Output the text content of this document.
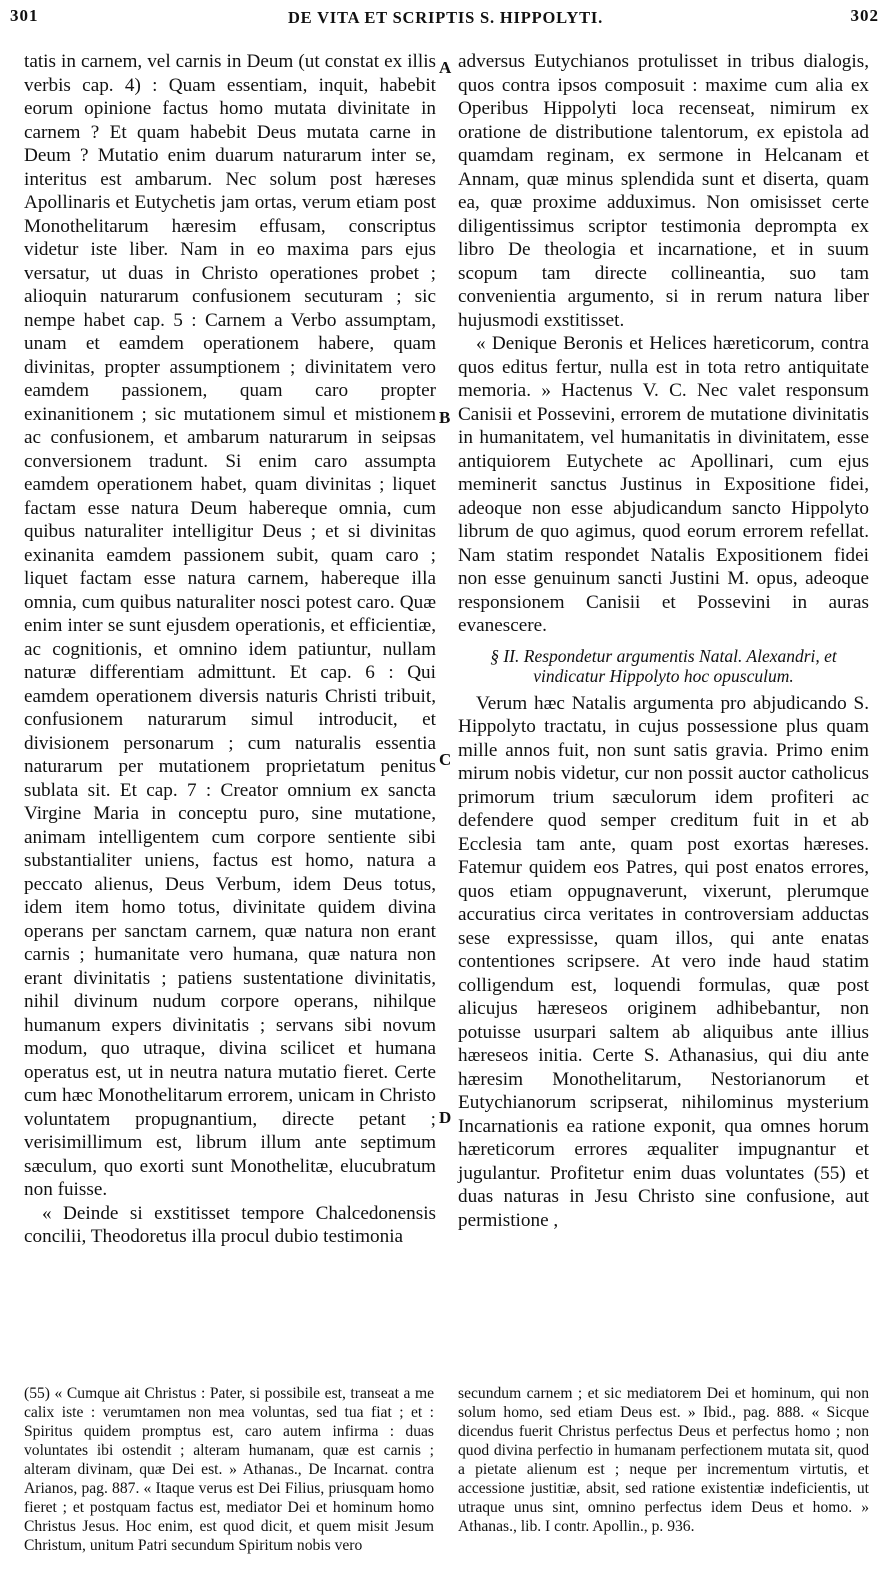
301	DE VITA ET SCRIPTIS S. HIPPOLYTI.	302
A
B
C
D

tatis in carnem, vel carnis in Deum (ut constat ex illis verbis cap. 4) : Quam essentiam, inquit, habebit eorum opinione factus homo mutata divinitate in carnem ? Et quam habebit Deus mutata carne in Deum ? Mutatio enim duarum naturarum inter se, interitus est ambarum. Nec solum post hæreses Apollinaris et Eutychetis jam ortas, verum etiam post Monothelitarum hæresim effusam, conscriptus videtur iste liber. Nam in eo maxima pars ejus versatur, ut duas in Christo operationes probet ; alioquin naturarum confusionem secuturam ; sic nempe habet cap. 5 : Carnem a Verbo assumptam, unam et eamdem operationem habere, quam divinitas, propter assumptionem ; divinitatem vero eamdem passionem, quam caro propter exinanitionem ; sic mutationem simul et mistionem ac confusionem, et ambarum naturarum in seipsas conversionem tradunt. Si enim caro assumpta eamdem operationem habet, quam divinitas ; liquet factam esse natura Deum habereque omnia, cum quibus naturaliter intelligitur Deus ; et si divinitas exinanita eamdem passionem subit, quam caro ; liquet factam esse natura carnem, habereque illa omnia, cum quibus naturaliter nosci potest caro. Quæ enim inter se sunt ejusdem operationis, et efficientiæ, ac cognitionis, et omnino idem patiuntur, nullam naturæ differentiam admittunt. Et cap. 6 : Qui eamdem operationem diversis naturis Christi tribuit, confusionem naturarum simul introducit, et divisionem personarum ; cum naturalis essentia naturarum per mutationem proprietatum penitus sublata sit. Et cap. 7 : Creator omnium ex sancta Virgine Maria in conceptu puro, sine mutatione, animam intelligentem cum corpore sentiente sibi substantialiter uniens, factus est homo, natura a peccato alienus, Deus Verbum, idem Deus totus, idem item homo totus, divinitate quidem divina operans per sanctam carnem, quæ natura non erant carnis ; humanitate vero humana, quæ natura non erant divinitatis ; patiens sustentatione divinitatis, nihil divinum nudum corpore operans, nihilque humanum expers divinitatis ; servans sibi novum modum, quo utraque, divina scilicet et humana operatus est, ut in neutra natura mutatio fieret. Certe cum hæc Monothelitarum errorem, unicam in Christo voluntatem propugnantium, directe petant ; verisimillimum est, librum illum ante septimum sæculum, quo exorti sunt Monothelitæ, elucubratum non fuisse.

« Deinde si exstitisset tempore Chalcedonensis concilii, Theodoretus illa procul dubio testimonia

adversus Eutychianos protulisset in tribus dialogis, quos contra ipsos composuit : maxime cum alia ex Operibus Hippolyti loca recenseat, nimirum ex oratione de distributione talentorum, ex epistola ad quamdam reginam, ex sermone in Helcanam et Annam, quæ minus splendida sunt et diserta, quam ea, quæ proxime adduximus. Non omisisset certe diligentissimus scriptor testimonia deprompta ex libro De theologia et incarnatione, et in suum scopum tam directe collineantia, suo tam convenientia argumento, si in rerum natura liber hujusmodi exstitisset.

« Denique Beronis et Helices hæreticorum, contra quos editus fertur, nulla est in tota retro antiquitate memoria. » Hactenus V. C. Nec valet responsum Canisii et Possevini, errorem de mutatione divinitatis in humanitatem, vel humanitatis in divinitatem, esse antiquiorem Eutychete ac Apollinari, cum ejus meminerit sanctus Justinus in Expositione fidei, adeoque non esse abjudicandum sancto Hippolyto librum de quo agimus, quod eorum errorem refellat. Nam statim respondet Natalis Expositionem fidei non esse genuinum sancti Justini M. opus, adeoque responsionem Canisii et Possevini in auras evanescere.

§ II. Respondetur argumentis Natal. Alexandri, et vindicatur Hippolyto hoc opusculum.

Verum hæc Natalis argumenta pro abjudicando S. Hippolyto tractatu, in cujus possessione plus quam mille annos fuit, non sunt satis gravia. Primo enim mirum nobis videtur, cur non possit auctor catholicus primorum trium sæculorum idem profiteri ac defendere quod semper creditum fuit in et ab Ecclesia tam ante, quam post exortas hæreses. Fatemur quidem eos Patres, qui post enatos errores, quos etiam oppugnaverunt, vixerunt, plerumque accuratius circa veritates in controversiam adductas sese expressisse, quam illos, qui ante enatas contentiones scripsere. At vero inde haud statim colligendum est, loquendi formulas, quæ post alicujus hæreseos originem adhibebantur, non potuisse usurpari saltem ab aliquibus ante illius hæreseos initia. Certe S. Athanasius, qui diu ante hæresim Monothelitarum, Nestorianorum et Eutychianorum scripserat, nihilominus mysterium Incarnationis ea ratione exponit, qua omnes horum hæreticorum errores æqualiter impugnantur et jugulantur. Profitetur enim duas voluntates (55) et duas naturas in Jesu Christo sine confusione, aut permistione ,

(55) « Cumque ait Christus : Pater, si possibile est, transeat a me calix iste : verumtamen non mea voluntas, sed tua fiat ; et : Spiritus quidem promptus est, caro autem infirma : duas voluntates ibi ostendit ; alteram humanam, quæ est carnis ; alteram divinam, quæ Dei est. » Athanas., De Incarnat. contra Arianos, pag. 887. « Itaque verus est Dei Filius, priusquam homo fieret ; et postquam factus est, mediator Dei et hominum homo Christus Jesus. Hoc enim, est quod dicit, et quem misit Jesum Christum, unitum Patri secundum Spiritum nobis vero

secundum carnem ; et sic mediatorem Dei et hominum, qui non solum homo, sed etiam Deus est. » Ibid., pag. 888. « Sicque dicendus fuerit Christus perfectus Deus et perfectus homo ; non quod divina perfectio in humanam perfectionem mutata sit, quod a pietate alienum est ; neque per incrementum virtutis, et accessione justitiæ, absit, sed ratione existentiæ indeficientis, ut utraque unus sint, omnino perfectus idem Deus et homo. » Athanas., lib. I contr. Apollin., p. 936.
